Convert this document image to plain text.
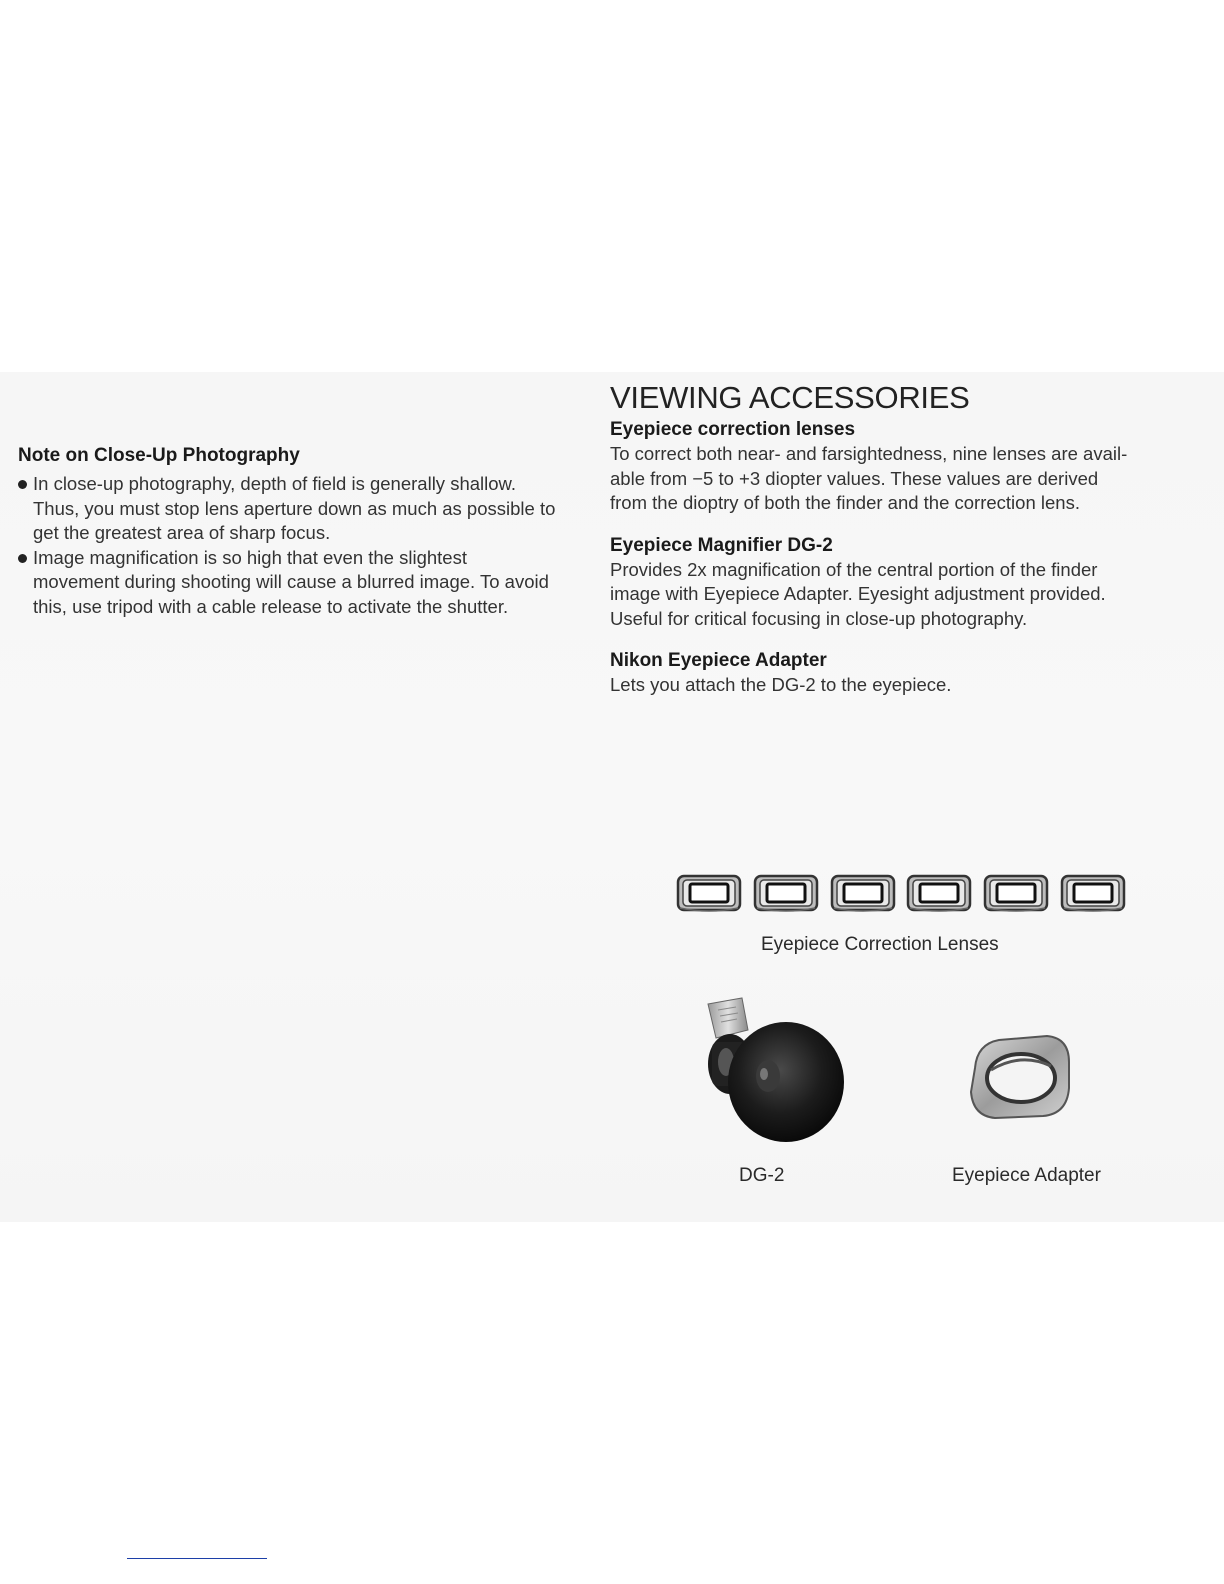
Note on Close-Up Photography
In close-up photography, depth of field is generally shallow. Thus, you must stop lens aperture down as much as possible to get the greatest area of sharp focus.
Image magnification is so high that even the slightest movement during shooting will cause a blurred image. To avoid this, use tripod with a cable release to activate the shutter.
VIEWING ACCESSORIES
Eyepiece correction lenses

To correct both near- and farsightedness, nine lenses are avail-
able from −5 to +3 diopter values. These values are derived
from the dioptry of both the finder and the correction lens.

Eyepiece Magnifier DG-2

Provides 2x magnification of the central portion of the finder
image with Eyepiece Adapter. Eyesight adjustment provided.
Useful for critical focusing in close-up photography.

Nikon Eyepiece Adapter

Lets you attach the DG-2 to the eyepiece.

Eyepiece Correction Lenses
DG-2	Eyepiece Adapter
